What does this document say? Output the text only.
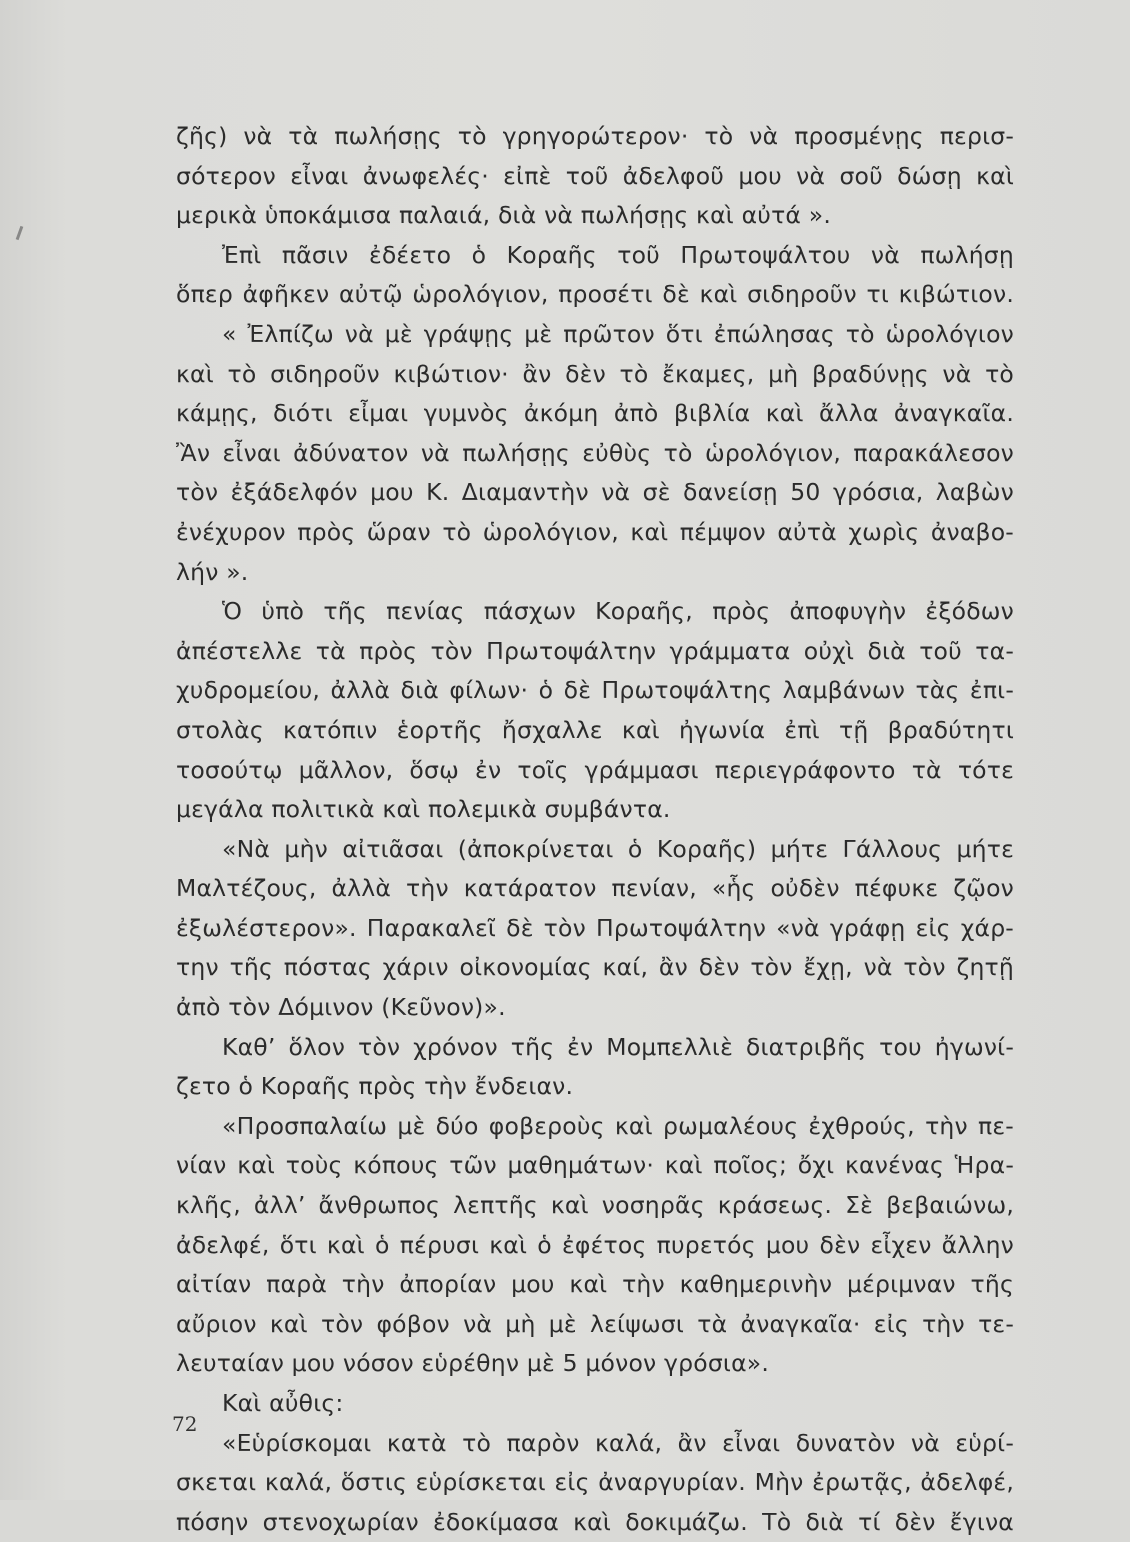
ζῆς) νὰ τὰ πωλήσῃς τὸ γρηγορώτερον· τὸ νὰ προσμένῃς περισ-
σότερον εἶναι ἀνωφελές· εἰπὲ τοῦ ἀδελφοῦ μου νὰ σοῦ δώσῃ καὶ
μερικὰ ὑποκάμισα παλαιά, διὰ νὰ πωλήσῃς καὶ αὐτά ».
Ἐπὶ πᾶσιν ἐδέετο ὁ Κοραῆς τοῦ Πρωτοψάλτου νὰ πωλήσῃ
ὅπερ ἀφῆκεν αὐτῷ ὡρολόγιον, προσέτι δὲ καὶ σιδηροῦν τι κιβώτιον.
« Ἐλπίζω νὰ μὲ γράψῃς μὲ πρῶτον ὅτι ἐπώλησας τὸ ὡρολόγιον
καὶ τὸ σιδηροῦν κιβώτιον· ἂν δὲν τὸ ἔκαμες, μὴ βραδύνῃς νὰ τὸ
κάμῃς, διότι εἶμαι γυμνὸς ἀκόμη ἀπὸ βιβλία καὶ ἄλλα ἀναγκαῖα.
Ἂν εἶναι ἀδύνατον νὰ πωλήσῃς εὐθὺς τὸ ὡρολόγιον, παρακάλεσον
τὸν ἐξάδελφόν μου Κ. Διαμαντὴν νὰ σὲ δανείσῃ 50 γρόσια, λαβὼν
ἐνέχυρον πρὸς ὥραν τὸ ὡρολόγιον, καὶ πέμψον αὐτὰ χωρὶς ἀναβο-
λήν ».
Ὁ ὑπὸ τῆς πενίας πάσχων Κοραῆς, πρὸς ἀποφυγὴν ἐξόδων
ἀπέστελλε τὰ πρὸς τὸν Πρωτοψάλτην γράμματα οὐχὶ διὰ τοῦ τα-
χυδρομείου, ἀλλὰ διὰ φίλων· ὁ δὲ Πρωτοψάλτης λαμβάνων τὰς ἐπι-
στολὰς κατόπιν ἑορτῆς ἤσχαλλε καὶ ἠγωνία ἐπὶ τῇ βραδύτητι
τοσούτῳ μᾶλλον, ὅσῳ ἐν τοῖς γράμμασι περιεγράφοντο τὰ τότε
μεγάλα πολιτικὰ καὶ πολεμικὰ συμβάντα.
«Νὰ μὴν αἰτιᾶσαι (ἀποκρίνεται ὁ Κοραῆς) μήτε Γάλλους μήτε
Μαλτέζους, ἀλλὰ τὴν κατάρατον πενίαν, «ἧς οὐδὲν πέφυκε ζῷον
ἐξωλέστερον». Παρακαλεῖ δὲ τὸν Πρωτοψάλτην «νὰ γράφῃ εἰς χάρ-
την τῆς πόστας χάριν οἰκονομίας καί, ἂν δὲν τὸν ἔχῃ, νὰ τὸν ζητῇ
ἀπὸ τὸν Δόμινον (Κεῦνον)».
Καθ’ ὅλον τὸν χρόνον τῆς ἐν Μομπελλιὲ διατριβῆς του ἠγωνί-
ζετο ὁ Κοραῆς πρὸς τὴν ἔνδειαν.
«Προσπαλαίω μὲ δύο φοβεροὺς καὶ ρωμαλέους ἐχθρούς, τὴν πε-
νίαν καὶ τοὺς κόπους τῶν μαθημάτων· καὶ ποῖος; ὄχι κανένας Ἡρα-
κλῆς, ἀλλ’ ἄνθρωπος λεπτῆς καὶ νοσηρᾶς κράσεως. Σὲ βεβαιώνω,
ἀδελφέ, ὅτι καὶ ὁ πέρυσι καὶ ὁ ἐφέτος πυρετός μου δὲν εἶχεν ἄλλην
αἰτίαν παρὰ τὴν ἀπορίαν μου καὶ τὴν καθημερινὴν μέριμναν τῆς
αὔριον καὶ τὸν φόβον νὰ μὴ μὲ λείψωσι τὰ ἀναγκαῖα· εἰς τὴν τε-
λευταίαν μου νόσον εὑρέθην μὲ 5 μόνον γρόσια».
Καὶ αὖθις:
«Εὑρίσκομαι κατὰ τὸ παρὸν καλά, ἂν εἶναι δυνατὸν νὰ εὑρί-
σκεται καλά, ὅστις εὑρίσκεται εἰς ἀναργυρίαν. Μὴν ἐρωτᾷς, ἀδελφέ,
πόσην στενοχωρίαν ἐδοκίμασα καὶ δοκιμάζω. Τὸ διὰ τί δὲν ἔγινα
72
